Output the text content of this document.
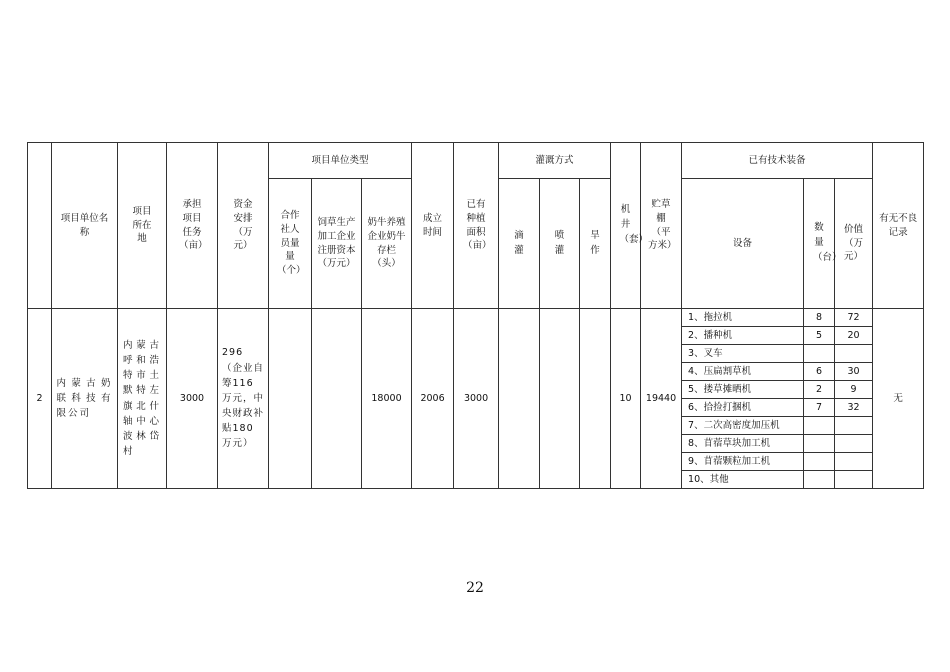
	项目单位名称	项目所在地	承担项目任务（亩）	资金安排（万元）	项目单位类型			成立时间	已有种植面积（亩）	灌溉方式			机井（套）	贮草棚（平方米）	已有技术装备			有无不良记录
					合作社人员量量（个）	饲草生产加工企业注册资本（万元）	奶牛养殖企业奶牛存栏（头）			滴灌	喷灌	旱作			设备	数量（台）	价值（万元）	
2	内蒙古奶联科技有限公司	内蒙古呼和浩特市土默特左旗北什轴中心波林岱村	3000	296（企业自筹116万元，中央财政补贴180万元）			18000	2006	3000				10	19440	1、拖拉机	8	72	无
															2、播种机	5	20	
															3、叉车			
															4、压扁割草机	6	30	
															5、搂草摊晒机	2	9	
															6、拾捡打捆机	7	32	
															7、二次高密度加压机			
															8、苜蓿草块加工机			
															9、苜蓿颗粒加工机			
															10、其他			
22
